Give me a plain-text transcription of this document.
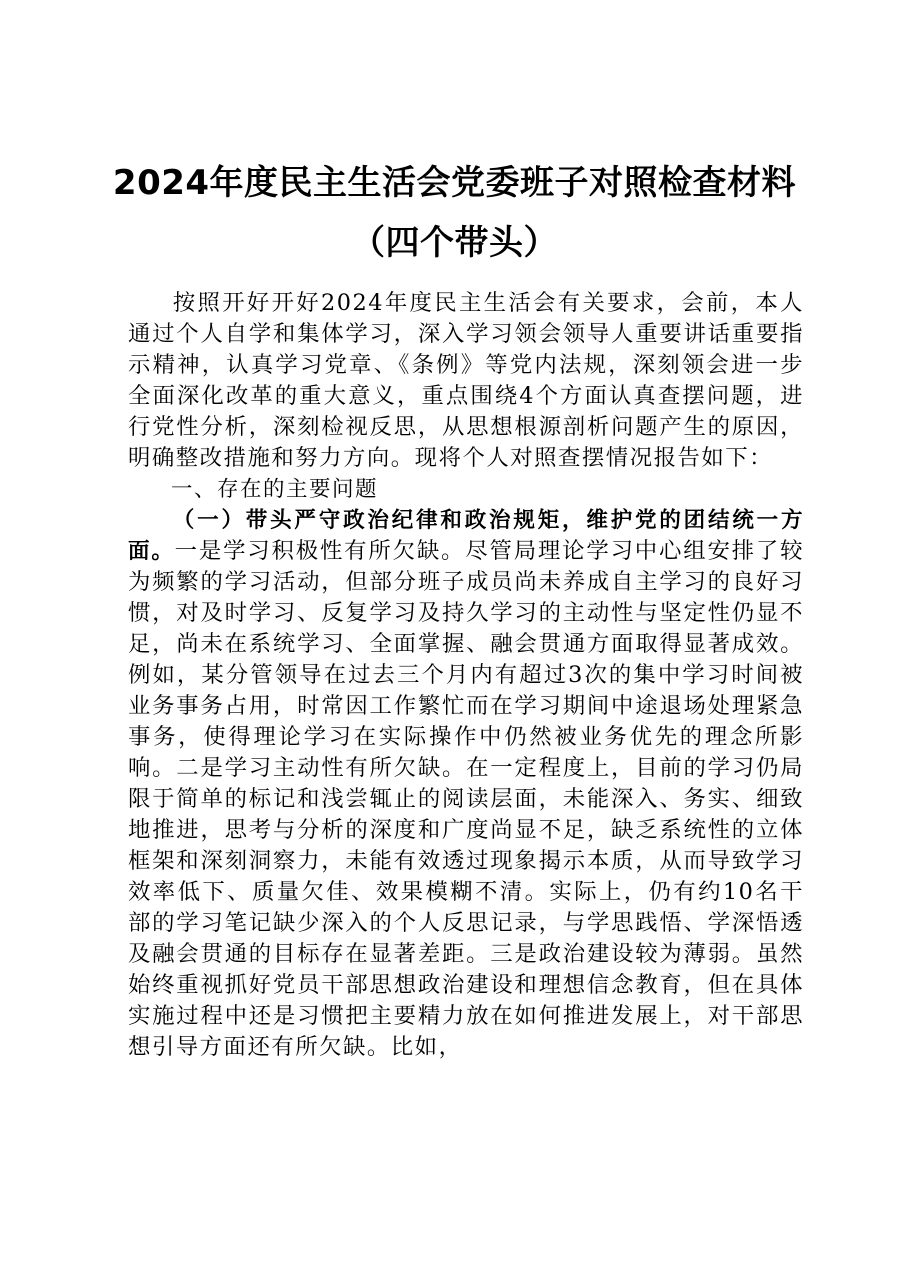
2024年度民主生活会党委班子对照检查材料
（四个带头）

按照开好开好2024年度民主生活会有关要求，会前，本人通过个人自学和集体学习，深入学习领会领导人重要讲话重要指示精神，认真学习党章、《条例》等党内法规，深刻领会进一步全面深化改革的重大意义，重点围绕4个方面认真查摆问题，进行党性分析，深刻检视反思，从思想根源剖析问题产生的原因，明确整改措施和努力方向。现将个人对照查摆情况报告如下：

一、存在的主要问题

（一）带头严守政治纪律和政治规矩，维护党的团结统一方面。一是学习积极性有所欠缺。尽管局理论学习中心组安排了较为频繁的学习活动，但部分班子成员尚未养成自主学习的良好习惯，对及时学习、反复学习及持久学习的主动性与坚定性仍显不足，尚未在系统学习、全面掌握、融会贯通方面取得显著成效。例如，某分管领导在过去三个月内有超过3次的集中学习时间被业务事务占用，时常因工作繁忙而在学习期间中途退场处理紧急事务，使得理论学习在实际操作中仍然被业务优先的理念所影响。二是学习主动性有所欠缺。在一定程度上，目前的学习仍局限于简单的标记和浅尝辄止的阅读层面，未能深入、务实、细致地推进，思考与分析的深度和广度尚显不足，缺乏系统性的立体框架和深刻洞察力，未能有效透过现象揭示本质，从而导致学习效率低下、质量欠佳、效果模糊不清。实际上，仍有约10名干部的学习笔记缺少深入的个人反思记录，与学思践悟、学深悟透及融会贯通的目标存在显著差距。三是政治建设较为薄弱。虽然始终重视抓好党员干部思想政治建设和理想信念教育，但在具体实施过程中还是习惯把主要精力放在如何推进发展上，对干部思想引导方面还有所欠缺。比如，
